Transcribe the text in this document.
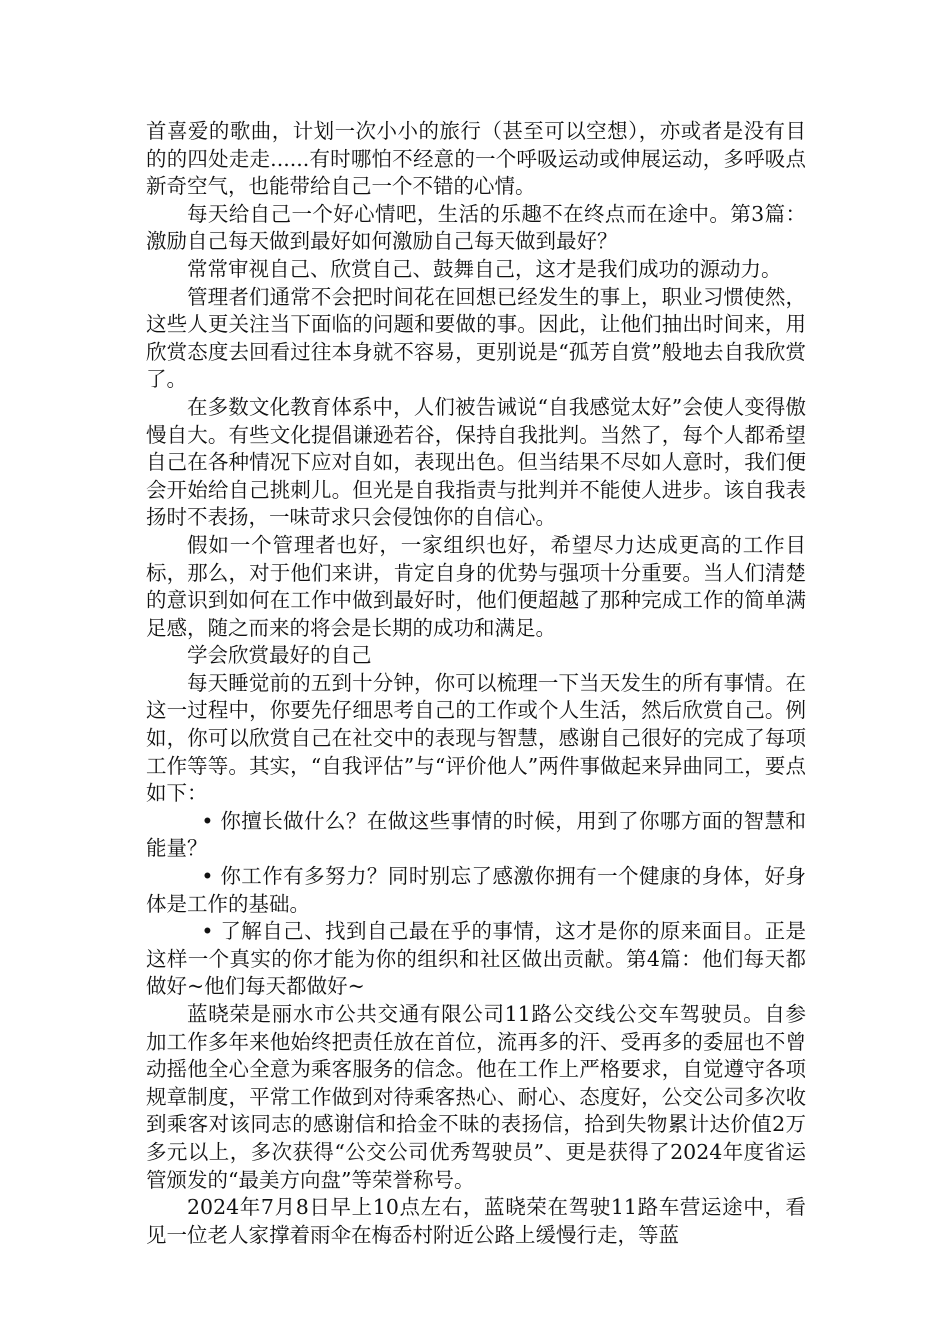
首喜爱的歌曲，计划一次小小的旅行（甚至可以空想），亦或者是没有目的的四处走走......有时哪怕不经意的一个呼吸运动或伸展运动，多呼吸点新奇空气，也能带给自己一个不错的心情。

每天给自己一个好心情吧，生活的乐趣不在终点而在途中。第3篇：激励自己每天做到最好如何激励自己每天做到最好？

常常审视自己、欣赏自己、鼓舞自己，这才是我们成功的源动力。

管理者们通常不会把时间花在回想已经发生的事上，职业习惯使然，这些人更关注当下面临的问题和要做的事。因此，让他们抽出时间来，用欣赏态度去回看过往本身就不容易，更别说是“孤芳自赏”般地去自我欣赏了。

在多数文化教育体系中，人们被告诫说“自我感觉太好”会使人变得傲慢自大。有些文化提倡谦逊若谷，保持自我批判。当然了，每个人都希望自己在各种情况下应对自如，表现出色。但当结果不尽如人意时，我们便会开始给自己挑刺儿。但光是自我指责与批判并不能使人进步。该自我表扬时不表扬，一味苛求只会侵蚀你的自信心。

假如一个管理者也好，一家组织也好，希望尽力达成更高的工作目标，那么，对于他们来讲，肯定自身的优势与强项十分重要。当人们清楚的意识到如何在工作中做到最好时，他们便超越了那种完成工作的简单满足感，随之而来的将会是长期的成功和满足。

学会欣赏最好的自己

每天睡觉前的五到十分钟，你可以梳理一下当天发生的所有事情。在这一过程中，你要先仔细思考自己的工作或个人生活，然后欣赏自己。例如，你可以欣赏自己在社交中的表现与智慧，感谢自己很好的完成了每项工作等等。其实，“自我评估”与“评价他人”两件事做起来异曲同工，要点如下：

• 你擅长做什么？在做这些事情的时候，用到了你哪方面的智慧和能量？

• 你工作有多努力？同时别忘了感激你拥有一个健康的身体，好身体是工作的基础。

• 了解自己、找到自己最在乎的事情，这才是你的原来面目。正是这样一个真实的你才能为你的组织和社区做出贡献。第4篇：他们每天都做好~他们每天都做好~

蓝晓荣是丽水市公共交通有限公司11路公交线公交车驾驶员。自参加工作多年来他始终把责任放在首位，流再多的汗、受再多的委屈也不曾动摇他全心全意为乘客服务的信念。他在工作上严格要求，自觉遵守各项规章制度，平常工作做到对待乘客热心、耐心、态度好，公交公司多次收到乘客对该同志的感谢信和拾金不昧的表扬信，拾到失物累计达价值2万多元以上，多次获得“公交公司优秀驾驶员”、更是获得了2024年度省运管颁发的“最美方向盘”等荣誉称号。

2024年7月8日早上10点左右，蓝晓荣在驾驶11路车营运途中，看见一位老人家撑着雨伞在梅岙村附近公路上缓慢行走，等蓝
